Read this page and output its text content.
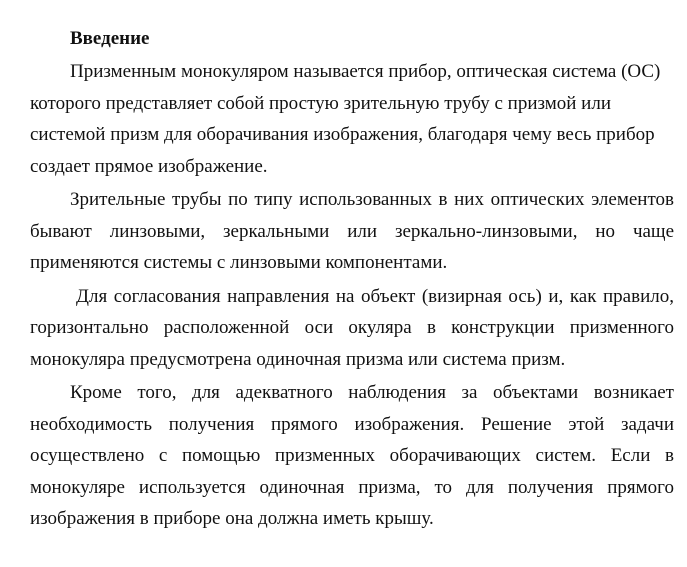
Введение

Призменным монокуляром называется прибор, оптическая система (ОС) которого представляет собой простую зрительную трубу с призмой или системой призм для оборачивания изображения, благодаря чему весь прибор создает прямое изображение.

Зрительные трубы по типу использованных в них оптических элементов бывают линзовыми, зеркальными или зеркально-линзовыми, но чаще применяются системы с линзовыми компонентами.

Для согласования направления на объект (визирная ось) и, как правило, горизонтально расположенной оси окуляра в конструкции призменного монокуляра предусмотрена одиночная призма или система призм.

Кроме того, для адекватного наблюдения за объектами возникает необходимость получения прямого изображения. Решение этой задачи осуществлено с помощью призменных оборачивающих систем. Если в монокуляре используется одиночная призма, то для получения прямого изображения в приборе она должна иметь крышу.
